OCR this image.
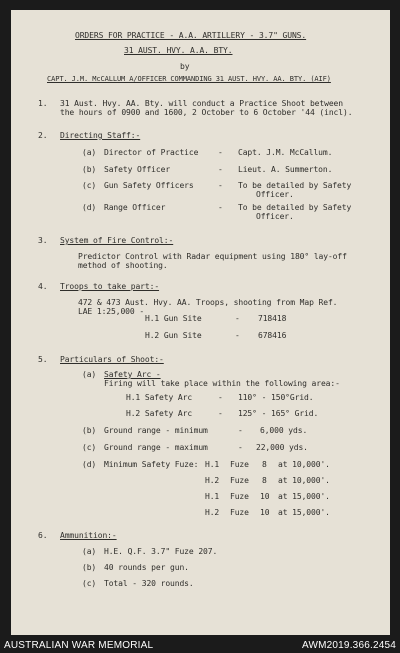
ORDERS FOR PRACTICE - A.A. ARTILLERY - 3.7" GUNS.
31 AUST. HVY. A.A. BTY.
by
CAPT. J.M. McCALLUM A/OFFICER COMMANDING 31 AUST. HVY. AA. BTY. (AIF)
1. 31 Aust. Hvy. AA. Bty. will conduct a Practice Shoot between
the hours of 0900 and 1600, 2 October to 6 October '44 (incl).
2. Directing Staff:-
(a) Director of Practice - Capt. J.M. McCallum.
(b) Safety Officer	- Lieut. A. Summerton.
(c) Gun Safety Officers	- To be detailed by Safety
Officer.
(d) Range Officer	- To be detailed by Safety
Officer.
3. System of Fire Control:-
Predictor Control with Radar equipment using 180° lay-off
method of shooting.
4. Troops to take part:-
472 & 473 Aust. Hvy. AA. Troops, shooting from Map Ref.
LAE 1:25,000 -
H.1 Gun Site	- 718418
H.2 Gun Site	- 678416
5. Particulars of Shoot:-
(a) Safety Arc -
Firing will take place within the following area:-
H.1 Safety Arc	- 110° - 150°Grid.
H.2 Safety Arc	- 125° - 165° Grid.
(b) Ground range - minimum	- 6,000 yds.
(c) Ground range - maximum	- 22,000 yds.
(d) Minimum Safety Fuze: H.1 Fuze 8 at 10,000'.
H.2 Fuze 8 at 10,000'.
H.1 Fuze 10 at 15,000'.
H.2 Fuze 10 at 15,000'.
6. Ammunition:-
(a) H.E. Q.F. 3.7" Fuze 207.
(b) 40 rounds per gun.
(c) Total - 320 rounds.
AUSTRALIAN WAR MEMORIAL	AWM2019.366.2454
